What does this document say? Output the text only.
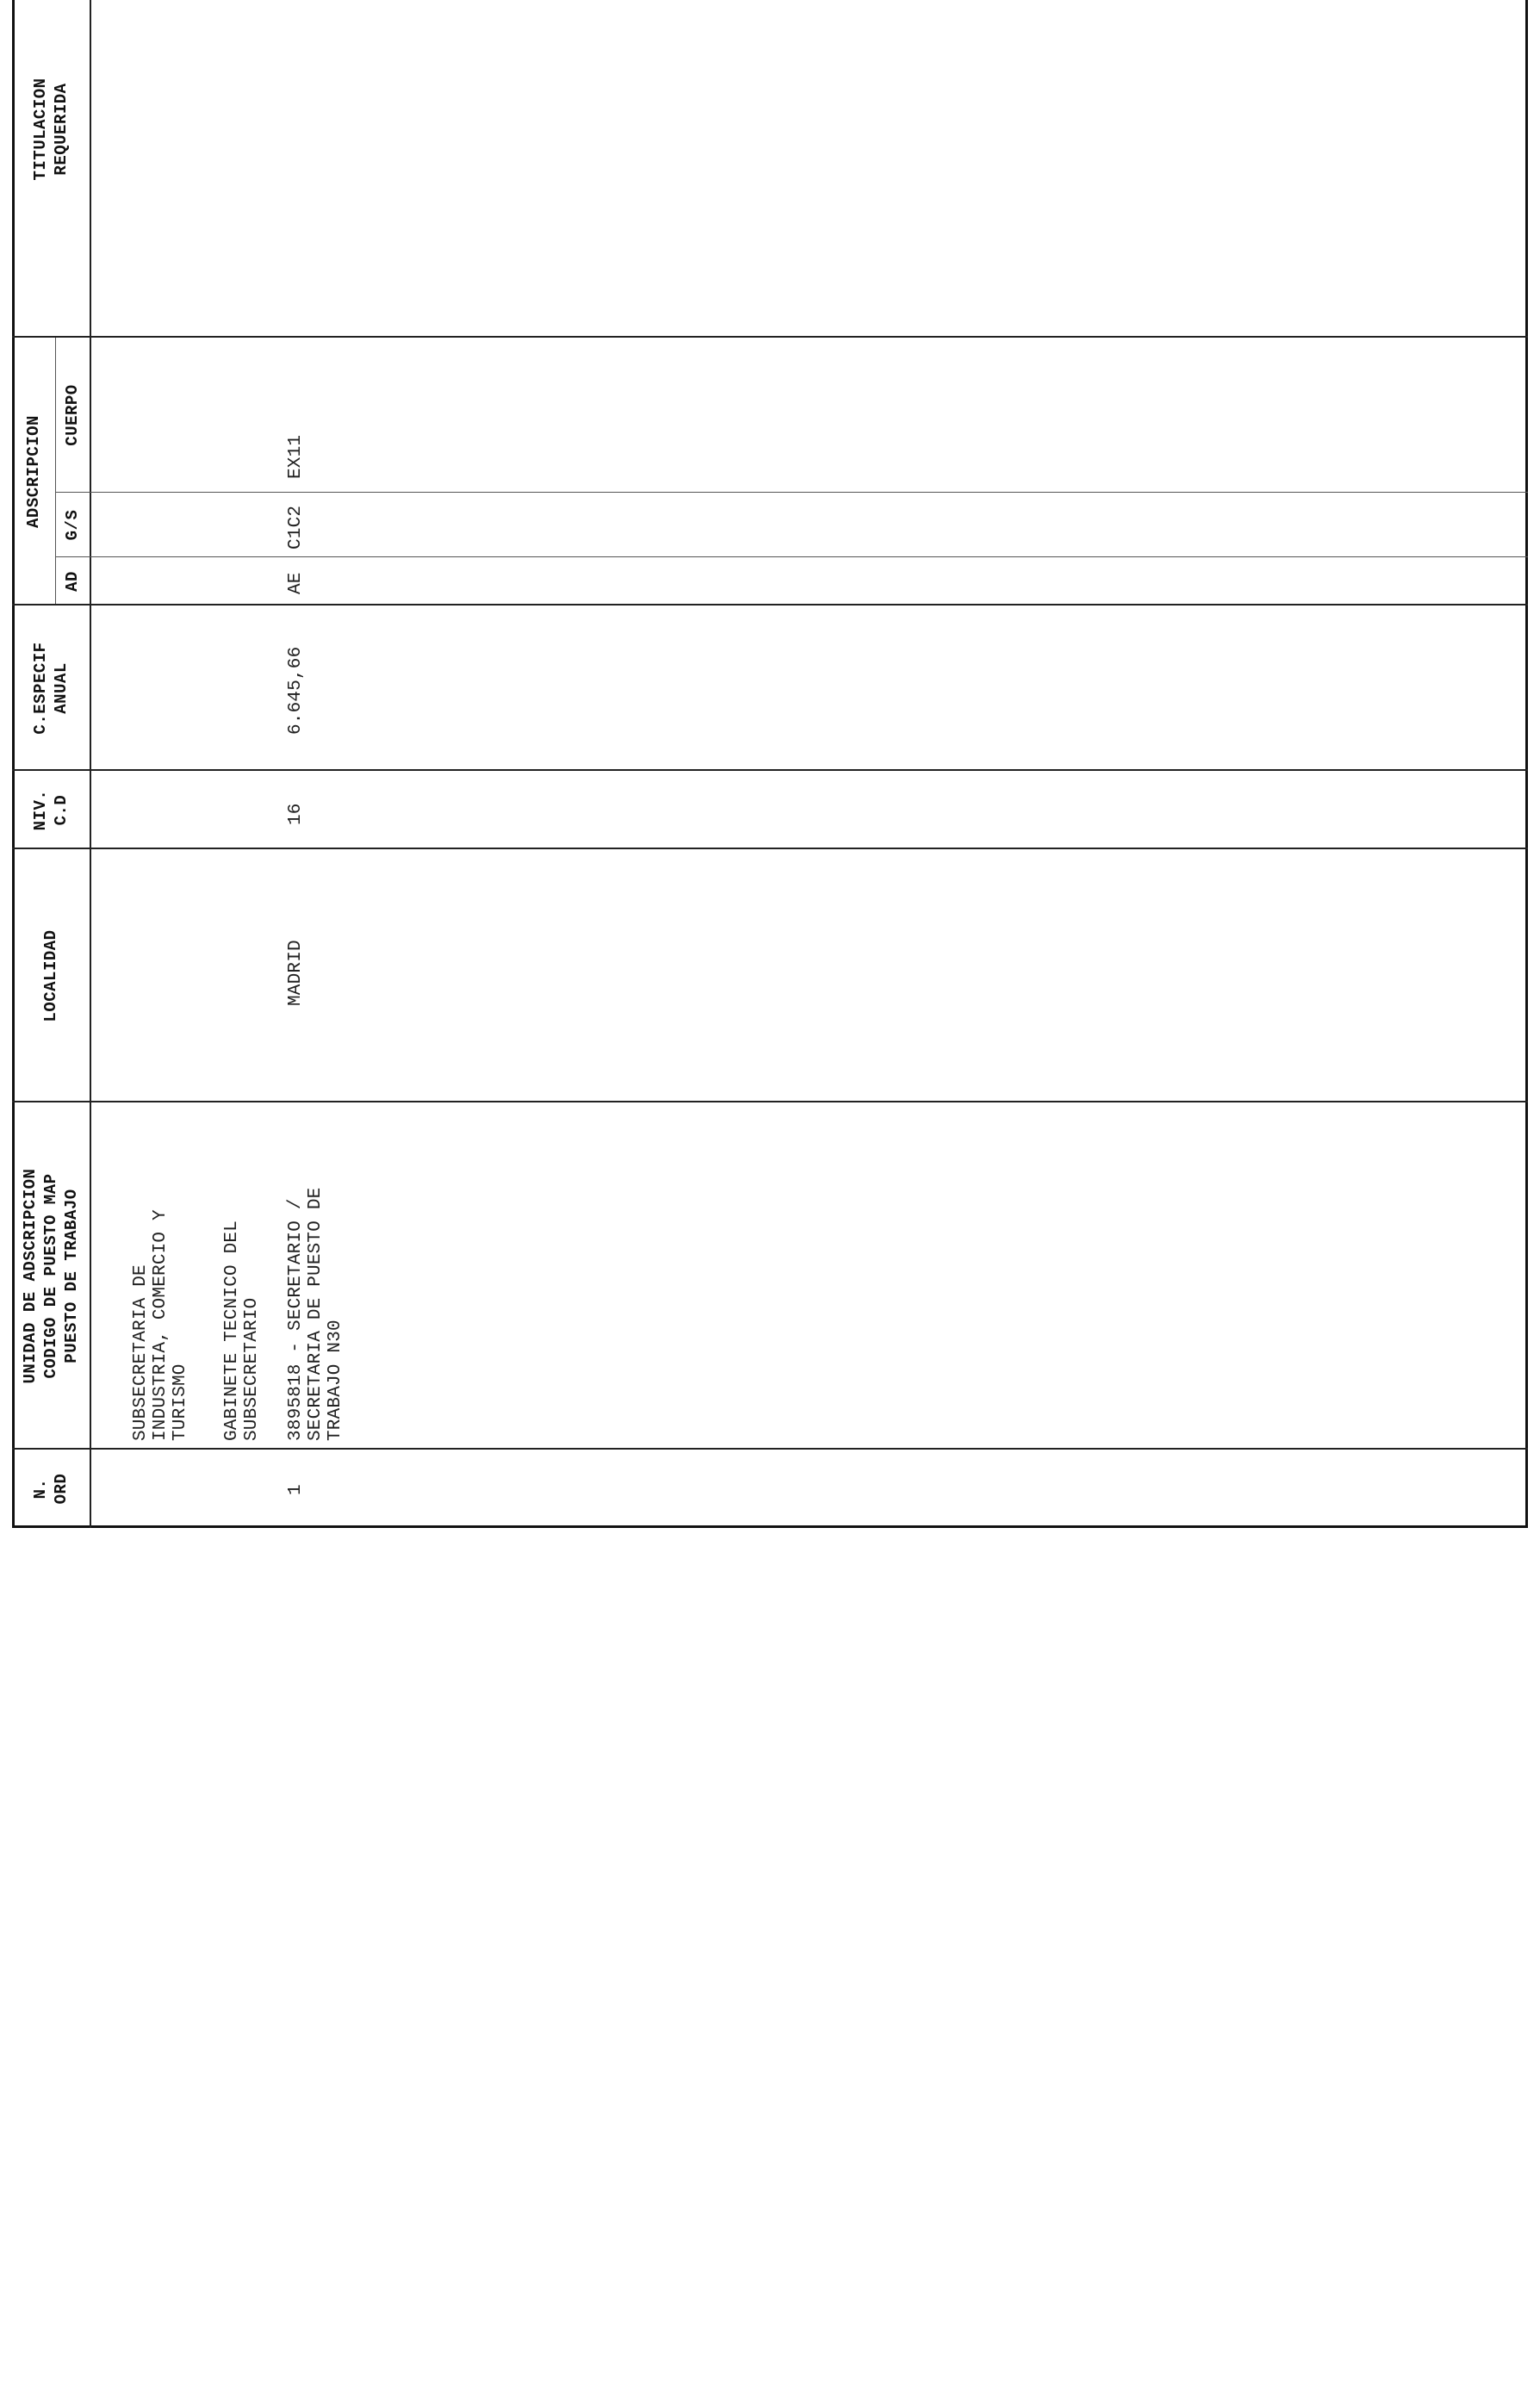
N.
ORD
UNIDAD DE ADSCRIPCION
CODIGO DE PUESTO MAP
PUESTO DE TRABAJO
LOCALIDAD
NIV.
C.D
C.ESPECIF
ANUAL
ADSCRIPCION
AD
G/S
CUERPO
TITULACION
REQUERIDA
SUBSECRETARIA DE
INDUSTRIA, COMERCIO Y
TURISMO GABINETE TECNICO DEL
SUBSECRETARIO
1
3895818 - SECRETARIO /
SECRETARIA DE PUESTO DE
TRABAJO N30
MADRID
16
6.645,66
AE
C1C2
EX11
